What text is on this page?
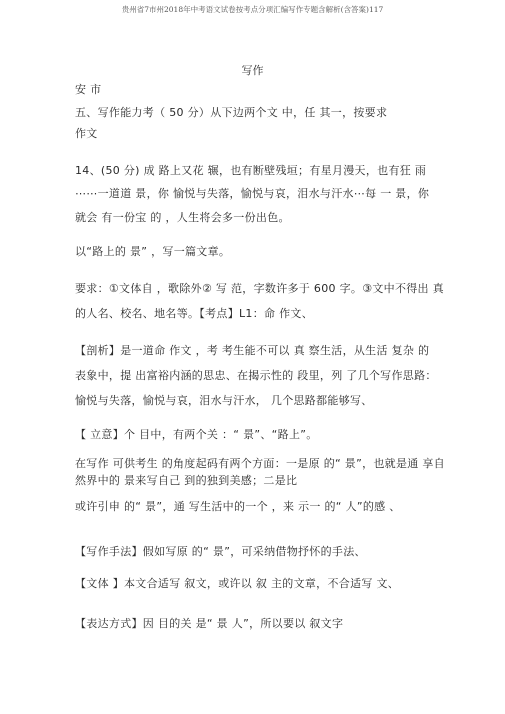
贵州省7市州2018年中考语文试卷按考点分项汇编写作专题含解析(含答案)117
写作
安 市
五、写作能力考（ 50 分）从下边两个文 中，任 其一，按要求
作文
14、(50 分) 成 路上又花 辗，也有断壁残垣；有星月漫天，也有狂 雨
⋯⋯一道道 景，你 愉悦与失落，愉悦与哀，泪水与汗水⋯每 一 景，你
就会 有一份宝 的 ，人生将会多一份出色。
以“路上的 景” ，写一篇文章。
要求：①文体自 ，歌除外② 写 范，字数许多于 600 字。③文中不得出 真
的人名、校名、地名等。【考点】L1：命 作文、
【剖析】是一道命 作文 ，考 考生能不可以 真 察生活，从生活 复杂 的
表象中，提 出富裕内涵的思忠、在揭示性的 段里，列 了几个写作思路：
愉悦与失落，愉悦与哀，泪水与汗水， 几个思路都能够写、
【 立意】个 目中，有两个关 ：“ 景”、“路上”。
在写作 可供考生 的角度起码有两个方面：一是原 的“ 景”，也就是通 享自
然界中的 景来写自己 到的独到美感；二是比
或许引申 的“ 景”，通 写生活中的一个 ，来 示一 的“ 人”的感 、
【写作手法】假如写原 的“ 景”，可采纳借物抒怀的手法、
【文体 】本文合适写 叙文，或许以 叙 主的文章，不合适写 文、
【表达方式】因 目的关 是“ 景 人”，所以要以 叙文字
